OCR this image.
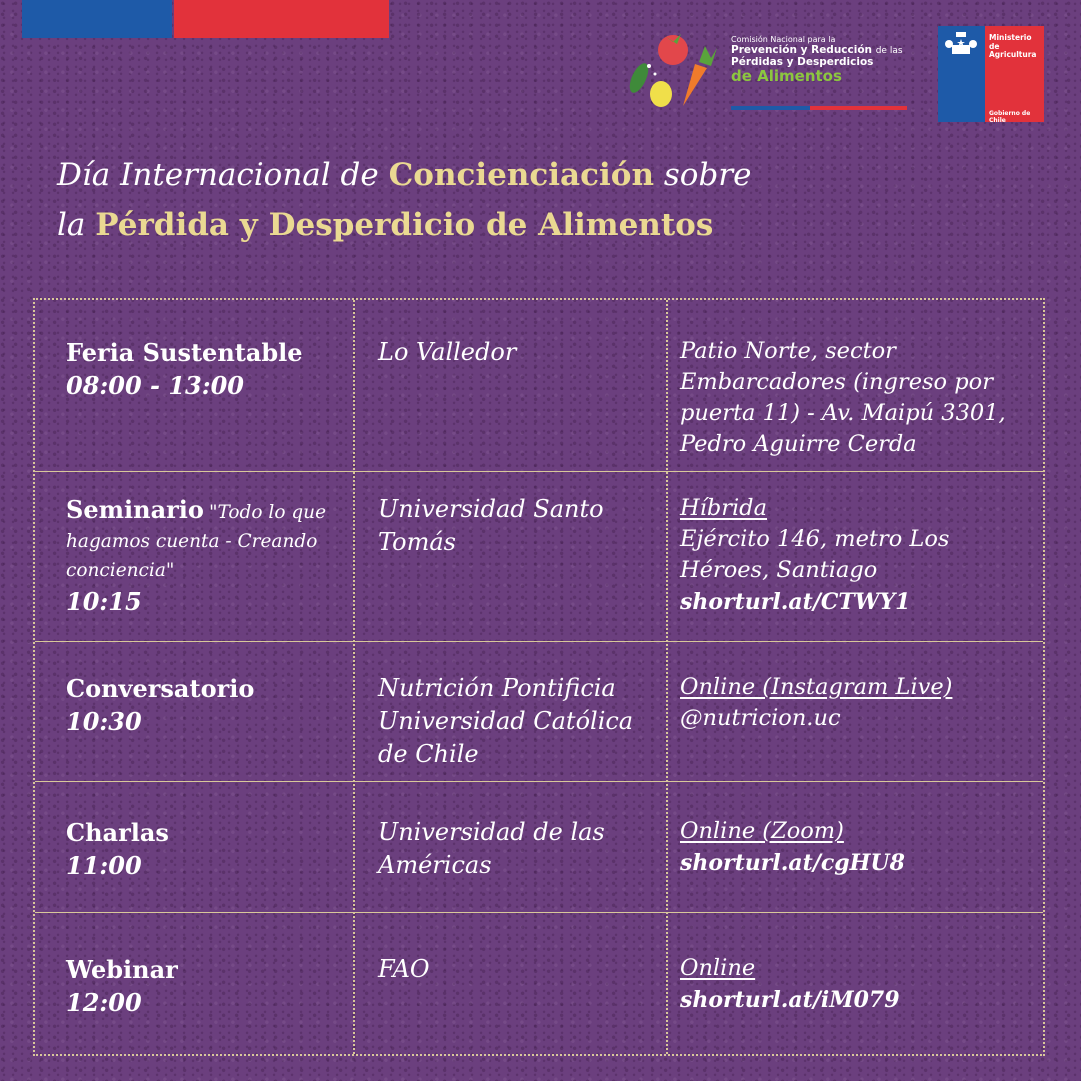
Comisión Nacional para la
Prevención y Reducción de las
Pérdidas y Desperdicios
de Alimentos
Ministerio de
Agricultura
Gobierno de Chile
Día Internacional de Concienciación sobre
la Pérdida y Desperdicio de Alimentos
Feria Sustentable
08:00 - 13:00
Lo Valledor	Patio Norte, sector Embarcadores (ingreso por puerta 11) - Av. Maipú 3301, Pedro Aguirre Cerda
Seminario "Todo lo que hagamos cuenta - Creando conciencia"
10:15
Universidad Santo Tomás
Híbrida
Ejército 146, metro Los Héroes, Santiago
shorturl.at/CTWY1
Conversatorio
10:30
Nutrición Pontificia Universidad Católica de Chile
Online (Instagram Live)
@nutricion.uc
Charlas
11:00
Universidad de las Américas
Online (Zoom)
shorturl.at/cgHU8
Webinar
12:00
FAO	Online
shorturl.at/iM079
